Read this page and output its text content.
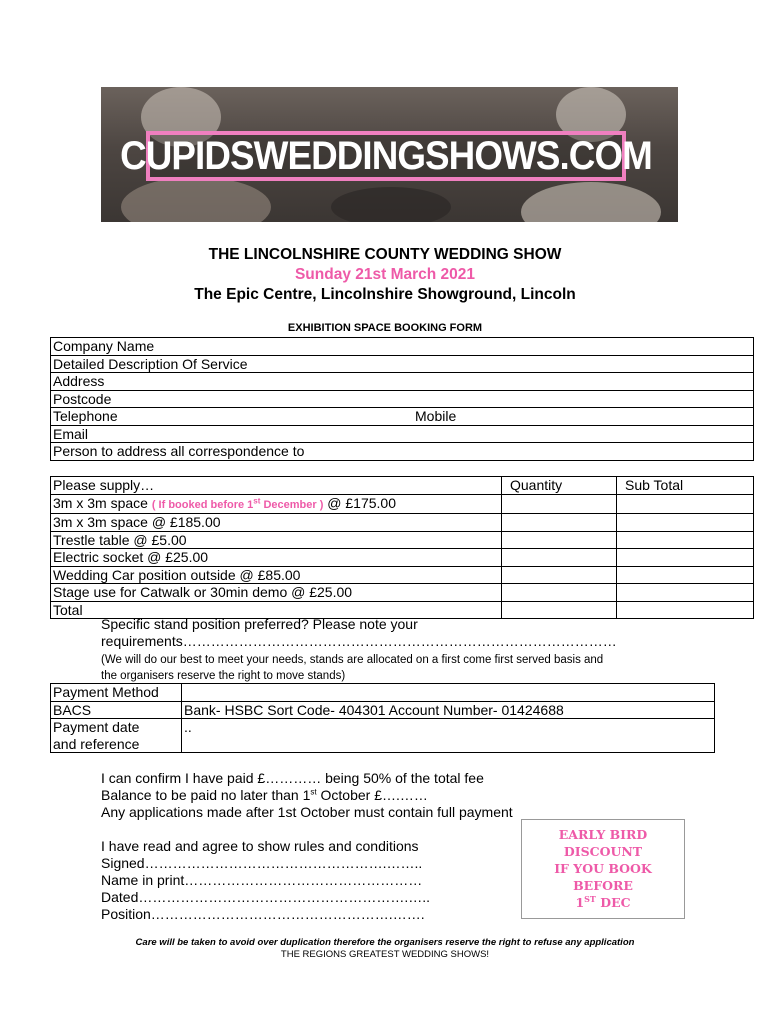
CUPIDSWEDDINGSHOWS.COM
THE LINCOLNSHIRE COUNTY WEDDING SHOW
Sunday 21st March 2021
The Epic Centre, Lincolnshire Showground, Lincoln
EXHIBITION SPACE BOOKING FORM
Company Name
Detailed Description Of Service
Address
Postcode
Telephone	Mobile
Email
Person to address all correspondence to
Please supply…	Quantity	Sub Total
3m x 3m space ( If booked before 1st December ) @ £175.00		
3m x 3m space @ £185.00		
Trestle table @ £5.00		
Electric socket @ £25.00		
Wedding Car position outside @ £85.00		
Stage use for Catwalk or 30min demo @ £25.00		
Total		
Specific stand position preferred? Please note your
requirements…………………………………………………………………………………
(We will do our best to meet your needs, stands are allocated on a first come first served basis and
the organisers reserve the right to move stands)
Payment Method	
BACS	Bank- HSBC Sort Code- 404301 Account Number- 01424688

Payment date
and reference	..
I can confirm I have paid £………… being 50% of the total fee
Balance to be paid no later than 1st October £….……
Any applications made after 1st October must contain full payment
I have read and agree to show rules and conditions
Signed…………………………………………….……..
Name in print……………………………………………
Dated………………………………………………….…..
Position…………………………………………….…….
EARLY BIRD
DISCOUNT
IF YOU BOOK
BEFORE
1ST DEC
Care will be taken to avoid over duplication therefore the organisers reserve the right to refuse any application
THE REGIONS GREATEST WEDDING SHOWS!
